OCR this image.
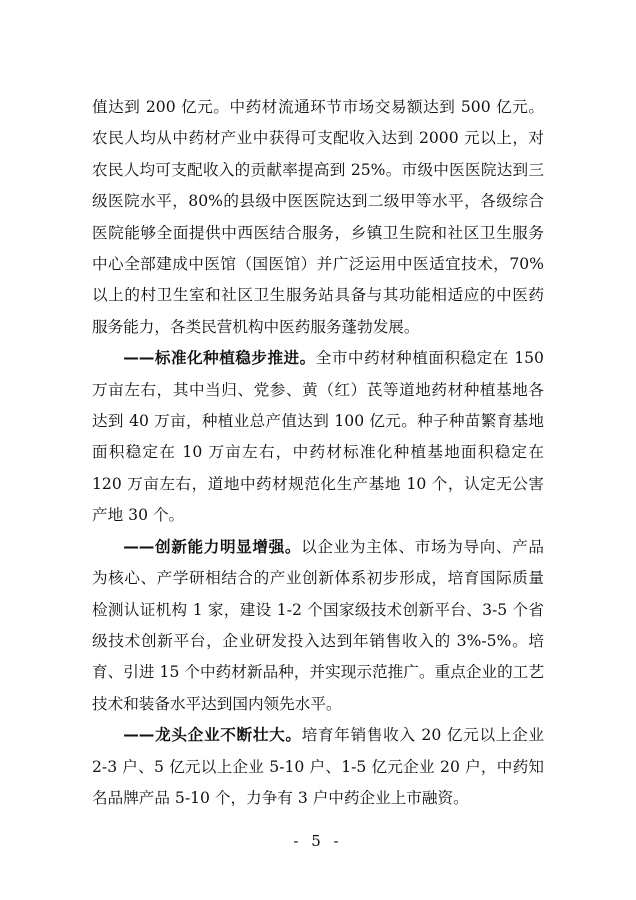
值达到 200 亿元。中药材流通环节市场交易额达到 500 亿元。农民人均从中药材产业中获得可支配收入达到 2000 元以上，对农民人均可支配收入的贡献率提高到 25%。市级中医医院达到三级医院水平，80%的县级中医医院达到二级甲等水平，各级综合医院能够全面提供中西医结合服务，乡镇卫生院和社区卫生服务中心全部建成中医馆（国医馆）并广泛运用中医适宜技术，70%以上的村卫生室和社区卫生服务站具备与其功能相适应的中医药服务能力，各类民营机构中医药服务蓬勃发展。

——标准化种植稳步推进。全市中药材种植面积稳定在 150 万亩左右，其中当归、党参、黄（红）芪等道地药材种植基地各达到 40 万亩，种植业总产值达到 100 亿元。种子种苗繁育基地面积稳定在 10 万亩左右，中药材标准化种植基地面积稳定在 120 万亩左右，道地中药材规范化生产基地 10 个，认定无公害产地 30 个。

——创新能力明显增强。以企业为主体、市场为导向、产品为核心、产学研相结合的产业创新体系初步形成，培育国际质量检测认证机构 1 家，建设 1-2 个国家级技术创新平台、3-5 个省级技术创新平台，企业研发投入达到年销售收入的 3%-5%。培育、引进 15 个中药材新品种，并实现示范推广。重点企业的工艺技术和装备水平达到国内领先水平。

——龙头企业不断壮大。培育年销售收入 20 亿元以上企业 2-3 户、5 亿元以上企业 5-10 户、1-5 亿元企业 20 户，中药知名品牌产品 5-10 个，力争有 3 户中药企业上市融资。

- 5 -
